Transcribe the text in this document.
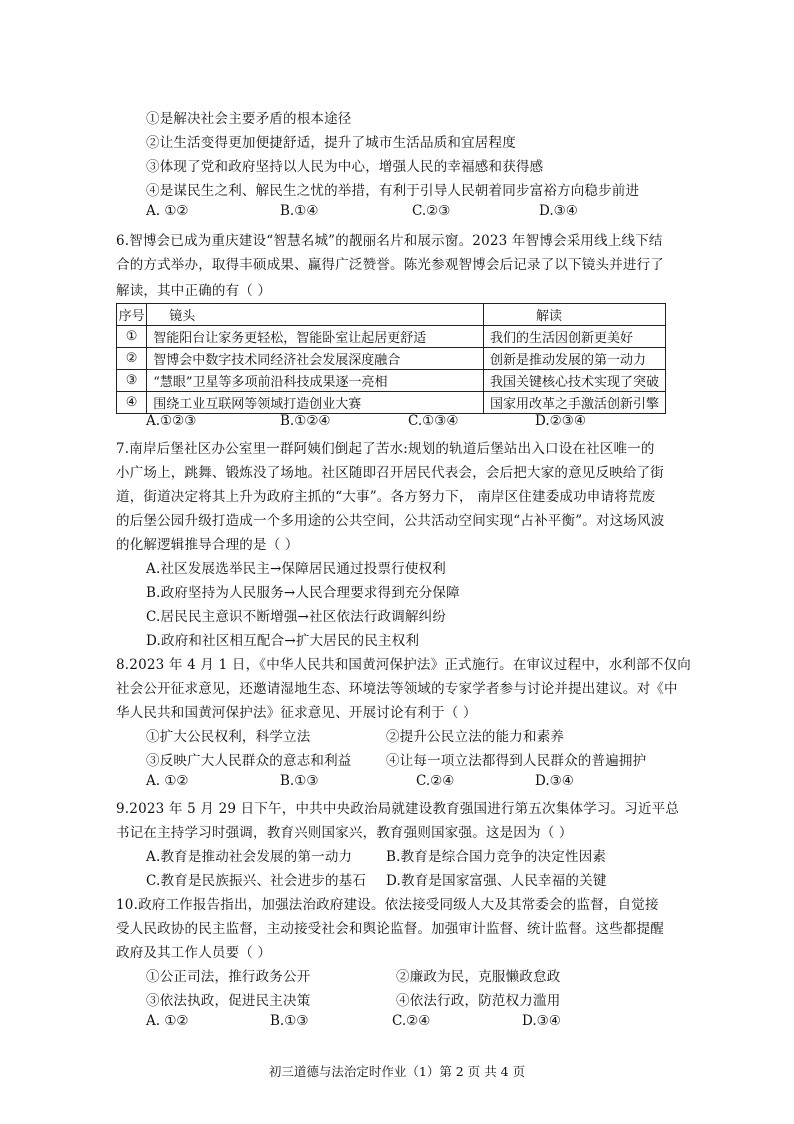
①是解决社会主要矛盾的根本途径
②让生活变得更加便捷舒适，提升了城市生活品质和宜居程度
③体现了党和政府坚持以人民为中心，增强人民的幸福感和获得感
④是谋民生之利、解民生之忧的举措，有利于引导人民朝着同步富裕方向稳步前进
A. ①②	B.①④	C.②③	D.③④
6.智博会已成为重庆建设“智慧名城”的靓丽名片和展示窗。2023 年智博会采用线上线下结
合的方式举办，取得丰硕成果、赢得广泛赞誉。陈光参观智博会后记录了以下镜头并进行了
序号	镜头	解读
①	智能阳台让家务更轻松，智能卧室让起居更舒适	我们的生活因创新更美好
②	智博会中数字技术同经济社会发展深度融合	创新是推动发展的第一动力
③	“慧眼”卫星等多项前沿科技成果逐一亮相	我国关键核心技术实现了突破
④	围绕工业互联网等领域打造创业大赛	国家用改革之手激活创新引擎
解读，其中正确的有（ ）
A.①②③	B.①②④	C.①③④	D.②③④
7.南岸后堡社区办公室里一群阿姨们倒起了苦水:规划的轨道后堡站出入口设在社区唯一的
小广场上，跳舞、锻炼没了场地。社区随即召开居民代表会，会后把大家的意见反映给了街
道，街道决定将其上升为政府主抓的“大事”。各方努力下， 南岸区住建委成功申请将荒废
的后堡公园升级打造成一个多用途的公共空间，公共活动空间实现“占补平衡”。对这场风波
的化解逻辑推导合理的是（ ）
A.社区发展选举民主→保障居民通过投票行使权利
B.政府坚持为人民服务→人民合理要求得到充分保障
C.居民民主意识不断增强→社区依法行政调解纠纷
D.政府和社区相互配合→扩大居民的民主权利
8.2023 年 4 月 1 日，《中华人民共和国黄河保护法》正式施行。在审议过程中，水利部不仅向
社会公开征求意见，还邀请湿地生态、环境法等领域的专家学者参与讨论并提出建议。对《中
华人民共和国黄河保护法》征求意见、开展讨论有利于（ ）
①扩大公民权利，科学立法	②提升公民立法的能力和素养
③反映广大人民群众的意志和利益	④让每一项立法都得到人民群众的普遍拥护
A. ①②	B.①③	C.②④	D.③④
9.2023 年 5 月 29 日下午，中共中央政治局就建设教育强国进行第五次集体学习。习近平总
书记在主持学习时强调，教育兴则国家兴，教育强则国家强。这是因为（ ）
A.教育是推动社会发展的第一动力	B.教育是综合国力竞争的决定性因素
C.教育是民族振兴、社会进步的基石 D.教育是国家富强、人民幸福的关键
10.政府工作报告指出，加强法治政府建设。依法接受同级人大及其常委会的监督，自觉接
受人民政协的民主监督，主动接受社会和舆论监督。加强审计监督、统计监督。这些都提醒
政府及其工作人员要（ ）
①公正司法，推行政务公开	②廉政为民，克服懒政怠政
③依法执政，促进民主决策	④依法行政，防范权力滥用
A. ①②	B.①③	C.②④	D.③④
初三道德与法治定时作业（1）第 2 页 共 4 页
